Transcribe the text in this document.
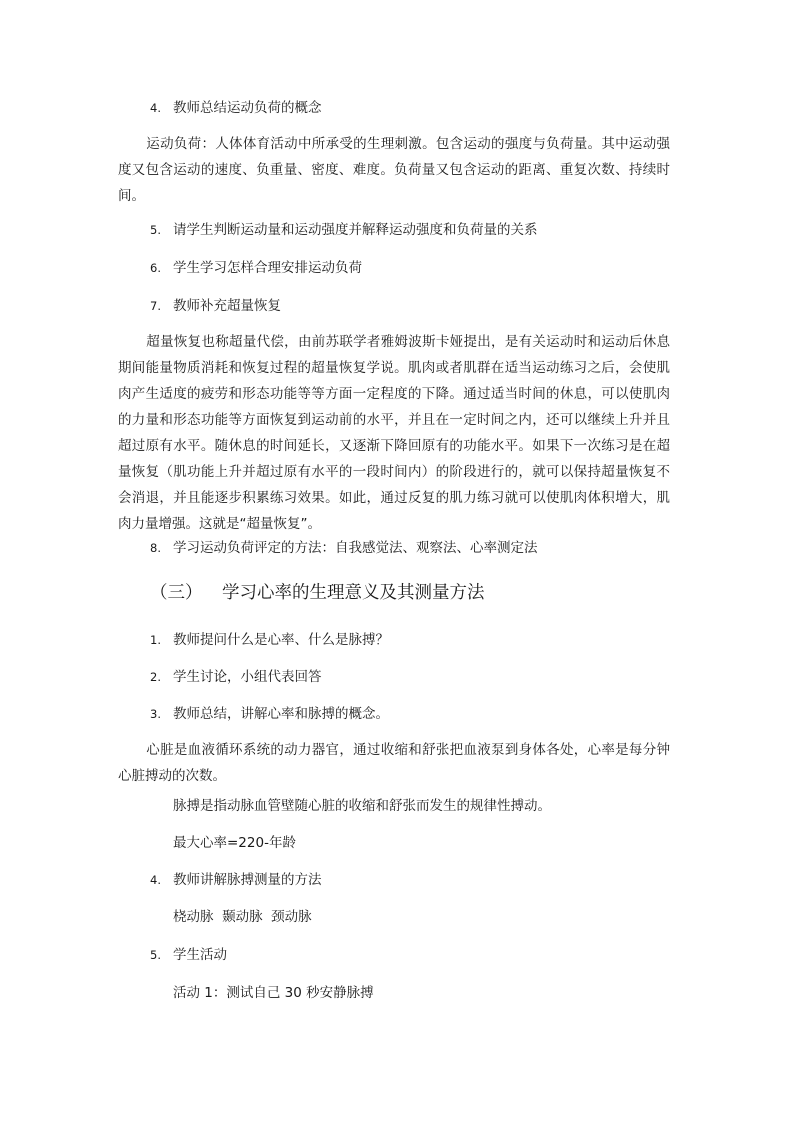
4. 教师总结运动负荷的概念
运动负荷：人体体育活动中所承受的生理刺激。包含运动的强度与负荷量。其中运动强度又包含运动的速度、负重量、密度、难度。负荷量又包含运动的距离、重复次数、持续时间。
5. 请学生判断运动量和运动强度并解释运动强度和负荷量的关系
6. 学生学习怎样合理安排运动负荷
7. 教师补充超量恢复
超量恢复也称超量代偿，由前苏联学者雅姆波斯卡娅提出，是有关运动时和运动后休息期间能量物质消耗和恢复过程的超量恢复学说。肌肉或者肌群在适当运动练习之后，会使肌肉产生适度的疲劳和形态功能等等方面一定程度的下降。通过适当时间的休息，可以使肌肉的力量和形态功能等方面恢复到运动前的水平，并且在一定时间之内，还可以继续上升并且超过原有水平。随休息的时间延长，又逐渐下降回原有的功能水平。如果下一次练习是在超量恢复（肌功能上升并超过原有水平的一段时间内）的阶段进行的，就可以保持超量恢复不会消退，并且能逐步积累练习效果。如此，通过反复的肌力练习就可以使肌肉体积增大，肌肉力量增强。这就是“超量恢复”。
8. 学习运动负荷评定的方法：自我感觉法、观察法、心率测定法
（三） 学习心率的生理意义及其测量方法
1. 教师提问什么是心率、什么是脉搏？
2. 学生讨论，小组代表回答
3. 教师总结，讲解心率和脉搏的概念。
心脏是血液循环系统的动力器官，通过收缩和舒张把血液泵到身体各处，心率是每分钟心脏搏动的次数。
脉搏是指动脉血管壁随心脏的收缩和舒张而发生的规律性搏动。
最大心率=220-年龄
4. 教师讲解脉搏测量的方法
桡动脉  颞动脉  颈动脉
5. 学生活动
活动 1：测试自己 30 秒安静脉搏
